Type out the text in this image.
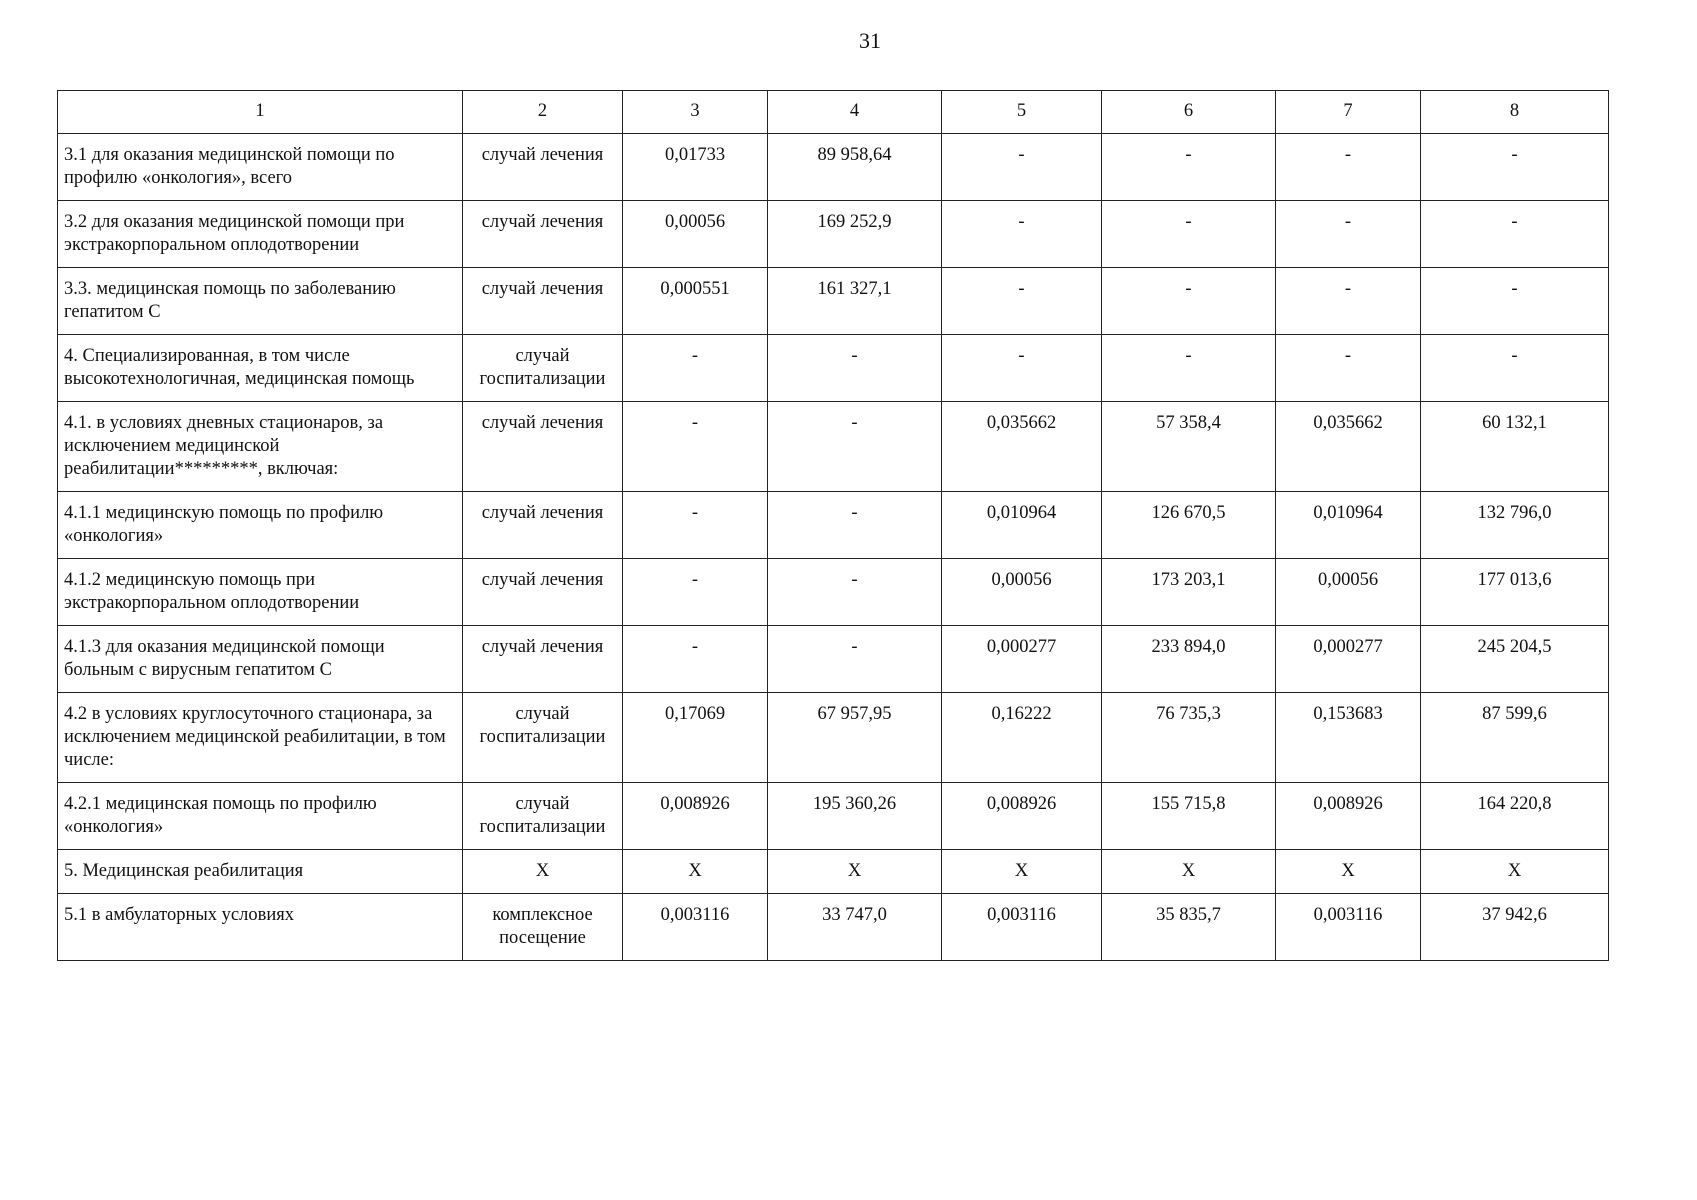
31
1	2	3	4	5	6	7	8
3.1 для оказания медицинской помощи по профилю «онкология», всего	случай лечения	0,01733	89 958,64	-	-	-	-
3.2 для оказания медицинской помощи при экстракорпоральном оплодотворении	случай лечения	0,00056	169 252,9	-	-	-	-
3.3. медицинская помощь по заболеванию гепатитом С	случай лечения	0,000551	161 327,1	-	-	-	-
4. Специализированная, в том числе высокотехнологичная, медицинская помощь	случай госпитализации	-	-	-	-	-	-
4.1. в условиях дневных стационаров, за исключением медицинской реабилитации*********, включая:	случай лечения	-	-	0,035662	57 358,4	0,035662	60 132,1
4.1.1 медицинскую помощь по профилю «онкология»	случай лечения	-	-	0,010964	126 670,5	0,010964	132 796,0
4.1.2 медицинскую помощь при экстракорпоральном оплодотворении	случай лечения	-	-	0,00056	173 203,1	0,00056	177 013,6
4.1.3 для оказания медицинской помощи больным с вирусным гепатитом С	случай лечения	-	-	0,000277	233 894,0	0,000277	245 204,5
4.2 в условиях круглосуточного стационара, за исключением медицинской реабилитации, в том числе:	случай госпитализации	0,17069	67 957,95	0,16222	76 735,3	0,153683	87 599,6
4.2.1 медицинская помощь по профилю «онкология»	случай госпитализации	0,008926	195 360,26	0,008926	155 715,8	0,008926	164 220,8
5. Медицинская реабилитация	Х	Х	Х	Х	Х	Х	Х
5.1 в амбулаторных условиях	комплексное посещение	0,003116	33 747,0	0,003116	35 835,7	0,003116	37 942,6
